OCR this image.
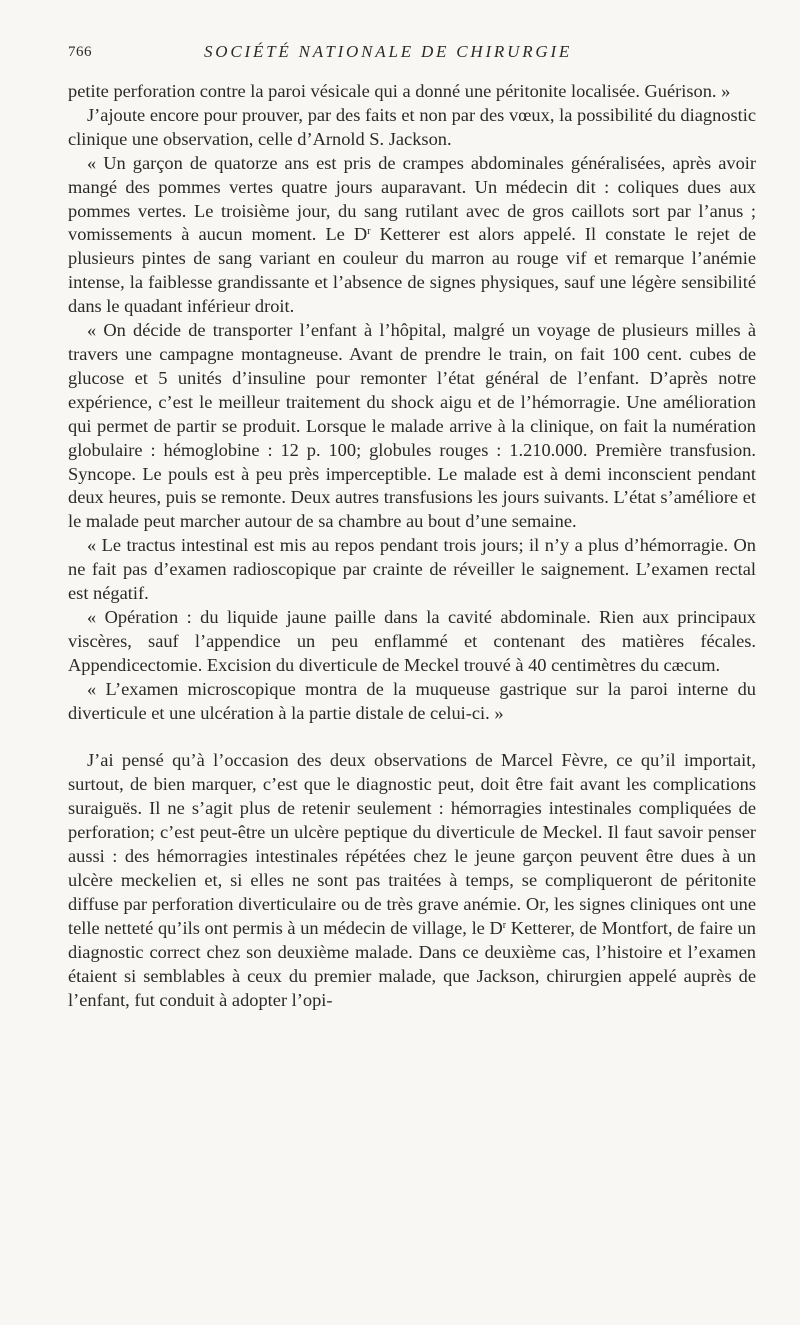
766	SOCIÉTÉ NATIONALE DE CHIRURGIE

petite perforation contre la paroi vésicale qui a donné une péritonite localisée. Guérison. »

J’ajoute encore pour prouver, par des faits et non par des vœux, la possibilité du diagnostic clinique une observation, celle d’Arnold S. Jackson.

« Un garçon de quatorze ans est pris de crampes abdominales généralisées, après avoir mangé des pommes vertes quatre jours auparavant. Un médecin dit : coliques dues aux pommes vertes. Le troisième jour, du sang rutilant avec de gros caillots sort par l’anus ; vomissements à aucun moment. Le $D^r$ Ketterer est alors appelé. Il constate le rejet de plusieurs pintes de sang variant en couleur du marron au rouge vif et remarque l’anémie intense, la faiblesse grandissante et l’absence de signes physiques, sauf une légère sensibilité dans le quadant inférieur droit.

« On décide de transporter l’enfant à l’hôpital, malgré un voyage de plusieurs milles à travers une campagne montagneuse. Avant de prendre le train, on fait 100 cent. cubes de glucose et 5 unités d’insuline pour remonter l’état général de l’enfant. D’après notre expérience, c’est le meilleur traitement du shock aigu et de l’hémorragie. Une amélioration qui permet de partir se produit. Lorsque le malade arrive à la clinique, on fait la numération globulaire : hémoglobine : 12 p. 100; globules rouges : 1.210.000. Première transfusion. Syncope. Le pouls est à peu près imperceptible. Le malade est à demi inconscient pendant deux heures, puis se remonte. Deux autres transfusions les jours suivants. L’état s’améliore et le malade peut marcher autour de sa chambre au bout d’une semaine.

« Le tractus intestinal est mis au repos pendant trois jours; il n’y a plus d’hémorragie. On ne fait pas d’examen radioscopique par crainte de réveiller le saignement. L’examen rectal est négatif.

« Opération : du liquide jaune paille dans la cavité abdominale. Rien aux principaux viscères, sauf l’appendice un peu enflammé et contenant des matières fécales. Appendicectomie. Excision du diverticule de Meckel trouvé à 40 centimètres du cæcum.

« L’examen microscopique montra de la muqueuse gastrique sur la paroi interne du diverticule et une ulcération à la partie distale de celui-ci. »

J’ai pensé qu’à l’occasion des deux observations de Marcel Fèvre, ce qu’il importait, surtout, de bien marquer, c’est que le diagnostic peut, doit être fait avant les complications suraiguës. Il ne s’agit plus de retenir seulement : hémorragies intestinales compliquées de perforation; c’est peut-être un ulcère peptique du diverticule de Meckel. Il faut savoir penser aussi : des hémorragies intestinales répétées chez le jeune garçon peuvent être dues à un ulcère meckelien et, si elles ne sont pas traitées à temps, se compliqueront de péritonite diffuse par perforation diverticulaire ou de très grave anémie. Or, les signes cliniques ont une telle netteté qu’ils ont permis à un médecin de village, le $D^r$ Ketterer, de Montfort, de faire un diagnostic correct chez son deuxième malade. Dans ce deuxième cas, l’histoire et l’examen étaient si semblables à ceux du premier malade, que Jackson, chirurgien appelé auprès de l’enfant, fut conduit à adopter l’opi-
